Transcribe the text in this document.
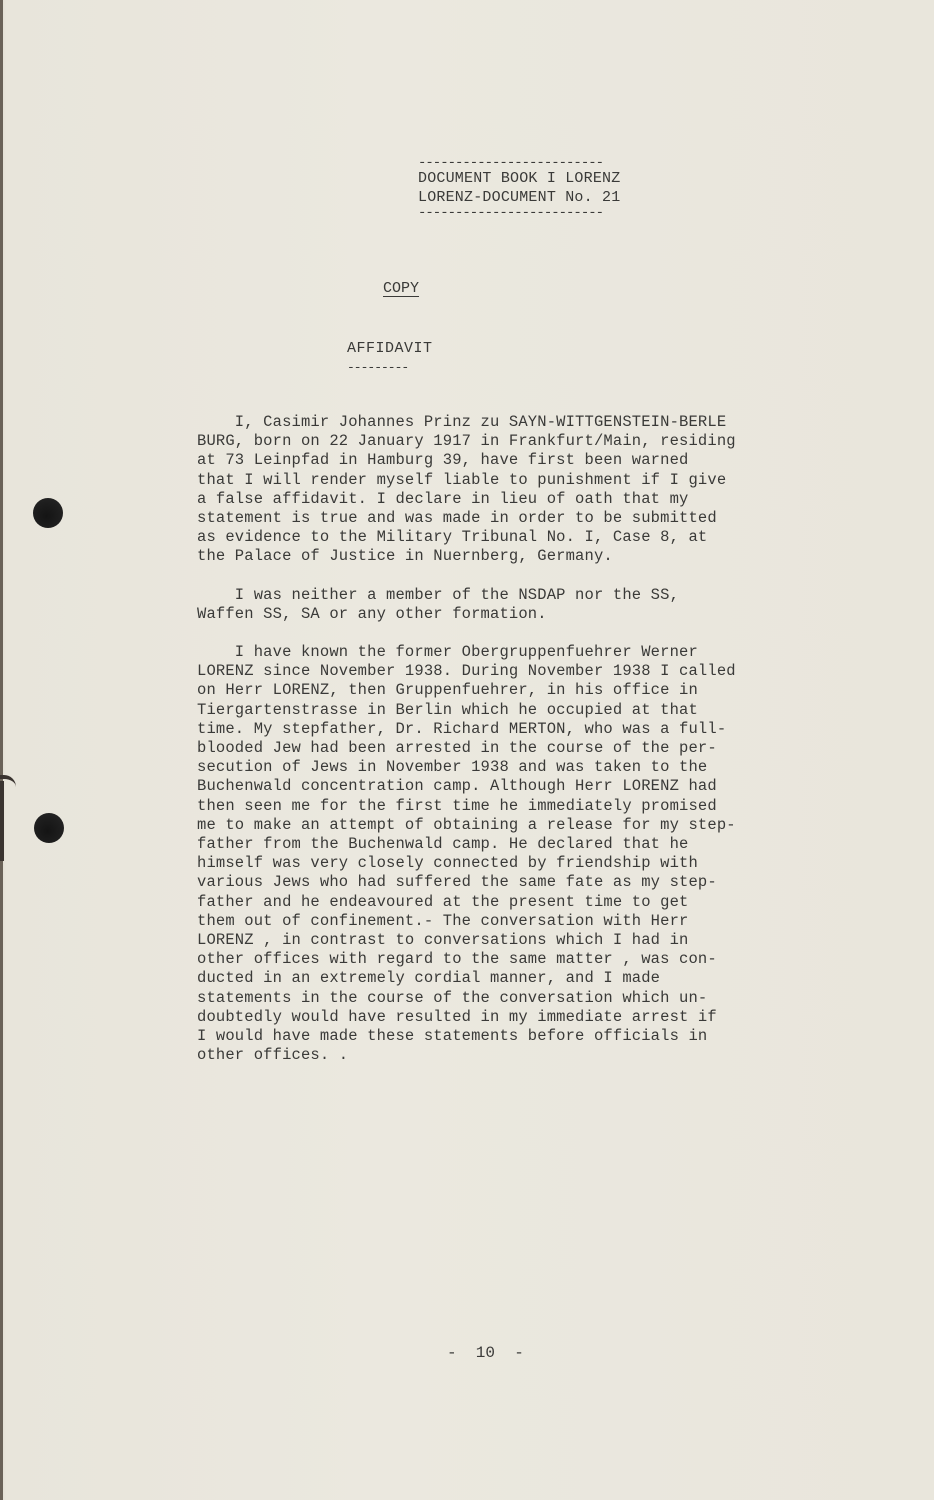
-------------------------
DOCUMENT BOOK I LORENZ
LORENZ-DOCUMENT No. 21
-------------------------
COPY
AFFIDAVIT
---------
I, Casimir Johannes Prinz zu SAYN-WITTGENSTEIN-BERLE
BURG, born on 22 January 1917 in Frankfurt/Main, residing
at 73 Leinpfad in Hamburg 39, have first been warned
that I will render myself liable to punishment if I give
a false affidavit. I declare in lieu of oath that my
statement is true and was made in order to be submitted
as evidence to the Military Tribunal No. I, Case 8, at
the Palace of Justice in Nuernberg, Germany.
I was neither a member of the NSDAP nor the SS,
Waffen SS, SA or any other formation.
I have known the former Obergruppenfuehrer Werner
LORENZ since November 1938. During November 1938 I called
on Herr LORENZ, then Gruppenfuehrer, in his office in
Tiergartenstrasse in Berlin which he occupied at that
time. My stepfather, Dr. Richard MERTON, who was a full-
blooded Jew had been arrested in the course of the per-
secution of Jews in November 1938 and was taken to the
Buchenwald concentration camp. Although Herr LORENZ had
then seen me for the first time he immediately promised
me to make an attempt of obtaining a release for my step-
father from the Buchenwald camp. He declared that he
himself was very closely connected by friendship with
various Jews who had suffered the same fate as my step-
father and he endeavoured at the present time to get
them out of confinement.- The conversation with Herr
LORENZ , in contrast to conversations which I had in
other offices with regard to the same matter , was con-
ducted in an extremely cordial manner, and I made
statements in the course of the conversation which un-
doubtedly would have resulted in my immediate arrest if
I would have made these statements before officials in
other offices. .
-  10  -
